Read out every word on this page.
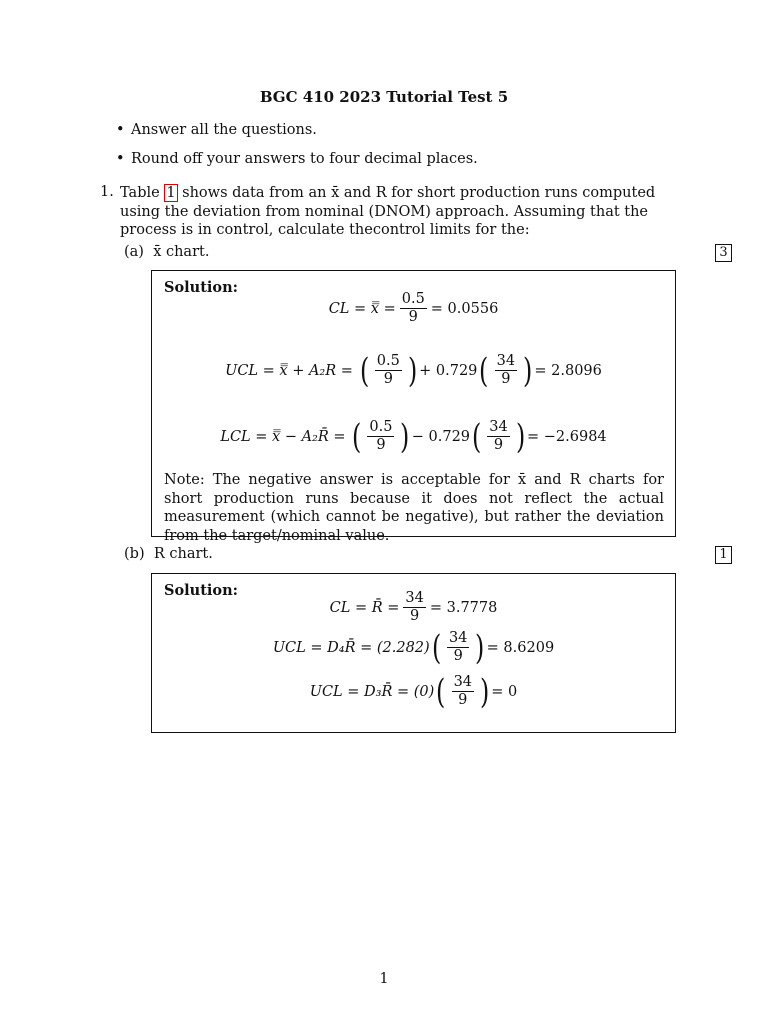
BGC 410 2023 Tutorial Test 5
• Answer all the questions.
• Round off your answers to four decimal places.
1. Table 1 shows data from an x̄ and R for short production runs computed using the deviation from nominal (DNOM) approach. Assuming that the process is in control, calculate thecontrol limits for the:
(a) x̄ chart.	3
Solution:
CL = x̿ = $\frac{0.5}{9} = 0.0556$
UCL = x̿ + A₂R =
( $\frac{0.5}{9}$ ) + 0.729 ( $\frac{34}{9}$ ) = 2.8096
LCL = x̿ − A₂R̄ =
( $\frac{0.5}{9}$ ) − 0.729 ( $\frac{34}{9}$ ) = −2.6984
Note: The negative answer is acceptable for x̄ and R charts for short production runs because it does not reflect the actual measurement (which cannot be negative), but rather the deviation from the target/nominal value.
(b) R chart.	1
Solution:
CL = R̄ = $\frac{34}{9} = 3.7778$
UCL = D₄R̄ = (2.282) ( $\frac{34}{9}$ ) = 8.6209
UCL = D₃R̄ = (0) ( $\frac{34}{9}$ ) = 0
1
